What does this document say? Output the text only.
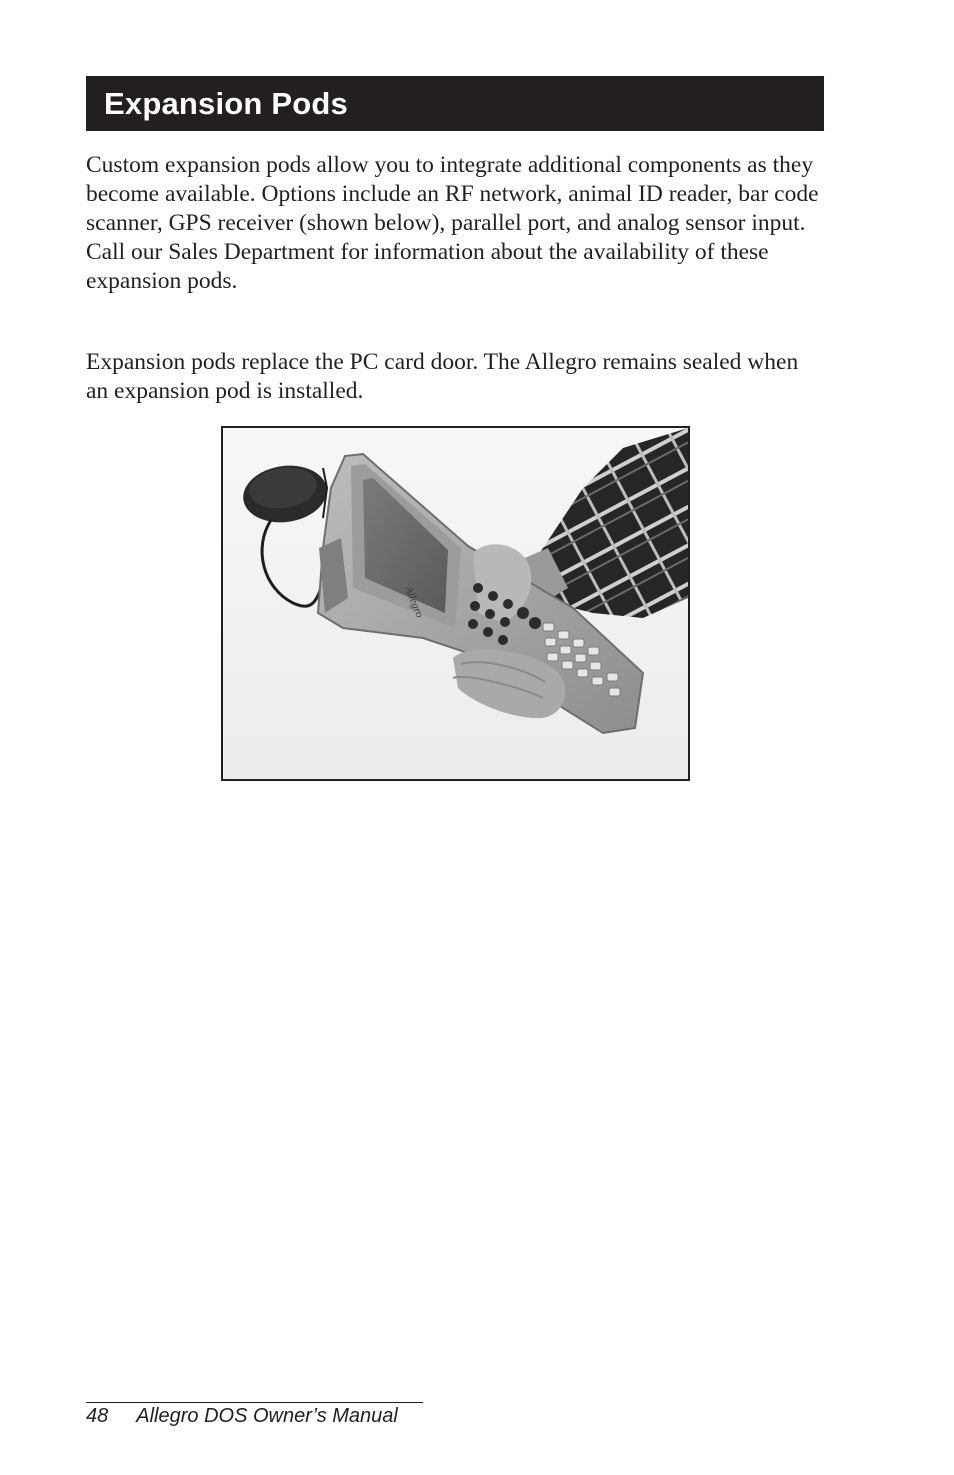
Expansion Pods

Custom expansion pods allow you to integrate additional components as they become available. Options include an RF network, animal ID reader, bar code scanner, GPS receiver (shown below), parallel port, and analog sensor input. Call our Sales Department for information about the availability of these expansion pods.

Expansion pods replace the PC card door. The Allegro remains sealed when an expansion pod is installed.

Allegro
48 Allegro DOS Owner’s Manual
